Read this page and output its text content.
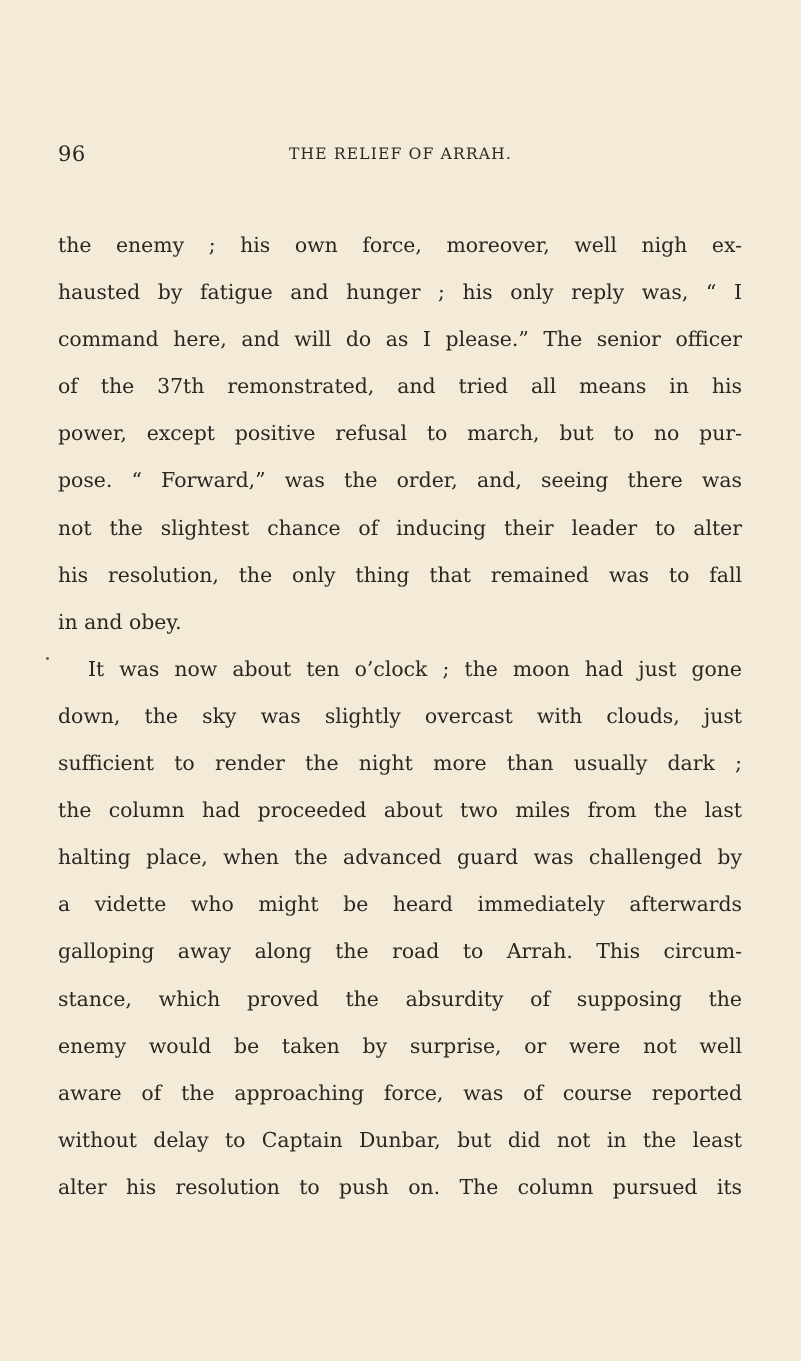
96	THE RELIEF OF ARRAH.
the enemy ; his own force, moreover, well nigh ex-
hausted by fatigue and hunger ; his only reply was, “ I
command here, and will do as I please.” The senior officer
of the 37th remonstrated, and tried all means in his
power, except positive refusal to march, but to no pur-
pose. “ Forward,” was the order, and, seeing there was
not the slightest chance of inducing their leader to alter
his resolution, the only thing that remained was to fall
in and obey.
It was now about ten o’clock ; the moon had just gone
down, the sky was slightly overcast with clouds, just
sufficient to render the night more than usually dark ;
the column had proceeded about two miles from the last
halting place, when the advanced guard was challenged by
a vidette who might be heard immediately afterwards
galloping away along the road to Arrah. This circum-
stance, which proved the absurdity of supposing the
enemy would be taken by surprise, or were not well
aware of the approaching force, was of course reported
without delay to Captain Dunbar, but did not in the least
alter his resolution to push on. The column pursued its
